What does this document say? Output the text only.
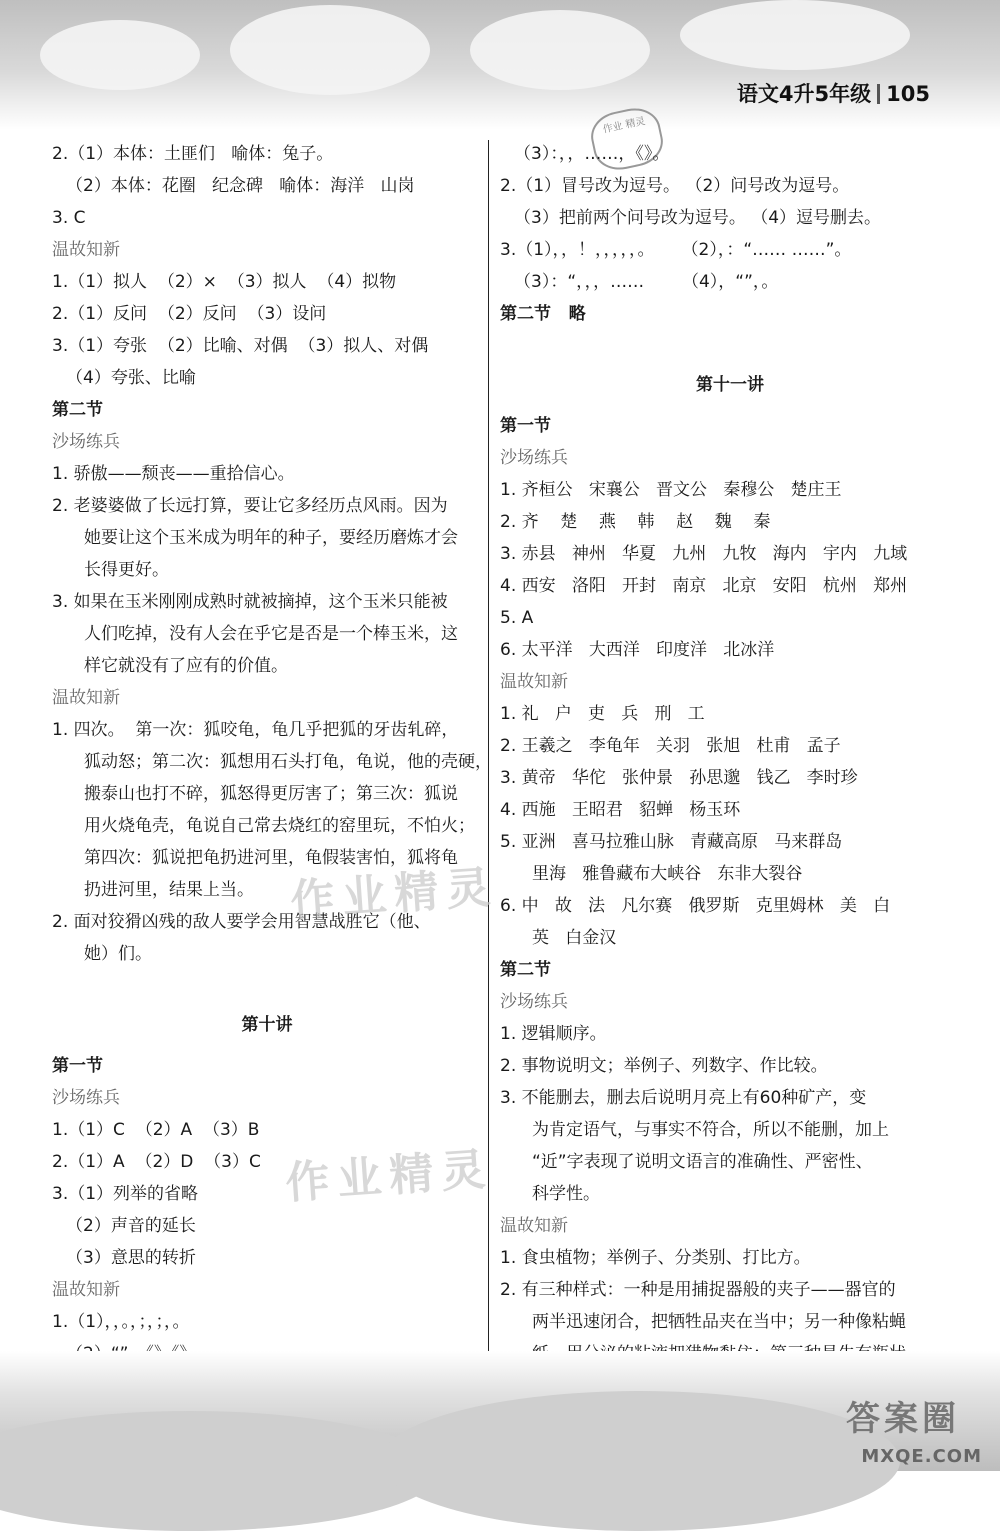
语文4升5年级 105
作业 精灵
2.（1）本体：土匪们   喻体：兔子。
（2）本体：花圈   纪念碑   喻体：海洋   山岗
3. C
温故知新
1.（1）拟人  （2）×  （3）拟人  （4）拟物
2.（1）反问  （2）反问  （3）设问
3.（1）夸张  （2）比喻、对偶  （3）拟人、对偶
（4）夸张、比喻
第二节
沙场练兵
1. 骄傲——颓丧——重拾信心。
2. 老婆婆做了长远打算，要让它多经历点风雨。因为
她要让这个玉米成为明年的种子，要经历磨炼才会
长得更好。
3. 如果在玉米刚刚成熟时就被摘掉，这个玉米只能被
人们吃掉，没有人会在乎它是否是一个棒玉米，这
样它就没有了应有的价值。
温故知新
1. 四次。  第一次：狐咬龟，龟几乎把狐的牙齿轧碎，
狐动怒；第二次：狐想用石头打龟，龟说，他的壳硬，
搬泰山也打不碎，狐怒得更厉害了；第三次：狐说
用火烧龟壳，龟说自己常去烧红的窑里玩，不怕火；
第四次：狐说把龟扔进河里，龟假装害怕，狐将龟
扔进河里，结果上当。
2. 面对狡猾凶残的敌人要学会用智慧战胜它（他、
她）们。
第十讲
第一节
沙场练兵
1.（1）C  （2）A  （3）B
2.（1）A  （2）D  （3）C
3.（1）列举的省略
（2）声音的延长
（3）意思的转折
温故知新
1.（1），，。，；，；，。
（3）：，，……，《》。
2.（1）冒号改为逗号。 （2）问号改为逗号。
（3）把前两个问号改为逗号。 （4）逗号删去。
3.（1），，！，，，，，。     （2），：“…… ……”。
（3）：“，，，……       （4），“”，。
第二节   略
第十一讲
第一节
沙场练兵
1. 齐桓公   宋襄公   晋文公   秦穆公   楚庄王
2. 齐    楚    燕    韩    赵    魏    秦
3. 赤县   神州   华夏   九州   九牧   海内   宇内   九域
4. 西安   洛阳   开封   南京   北京   安阳   杭州   郑州
5. A
6. 太平洋   大西洋   印度洋   北冰洋
温故知新
1. 礼   户   吏   兵   刑   工
2. 王羲之   李龟年   关羽   张旭   杜甫   孟子
3. 黄帝   华佗   张仲景   孙思邈   钱乙   李时珍
4. 西施   王昭君   貂蝉   杨玉环
5. 亚洲   喜马拉雅山脉   青藏高原   马来群岛
里海   雅鲁藏布大峡谷   东非大裂谷
6. 中   故   法   凡尔赛   俄罗斯   克里姆林   美   白
英   白金汉
第二节
沙场练兵
1. 逻辑顺序。
2. 事物说明文；举例子、列数字、作比较。
3. 不能删去，删去后说明月亮上有60种矿产，变
为肯定语气，与事实不符合，所以不能删，加上
“近”字表现了说明文语言的准确性、严密性、
科学性。
温故知新
1. 食虫植物；举例子、分类别、打比方。
2. 有三种样式：一种是用捕捉器般的夹子——器官的
两半迅速闭合，把牺牲品夹在当中；另一种像粘蝇
作业精灵
作业精灵
答案圈
MXQE.COM
